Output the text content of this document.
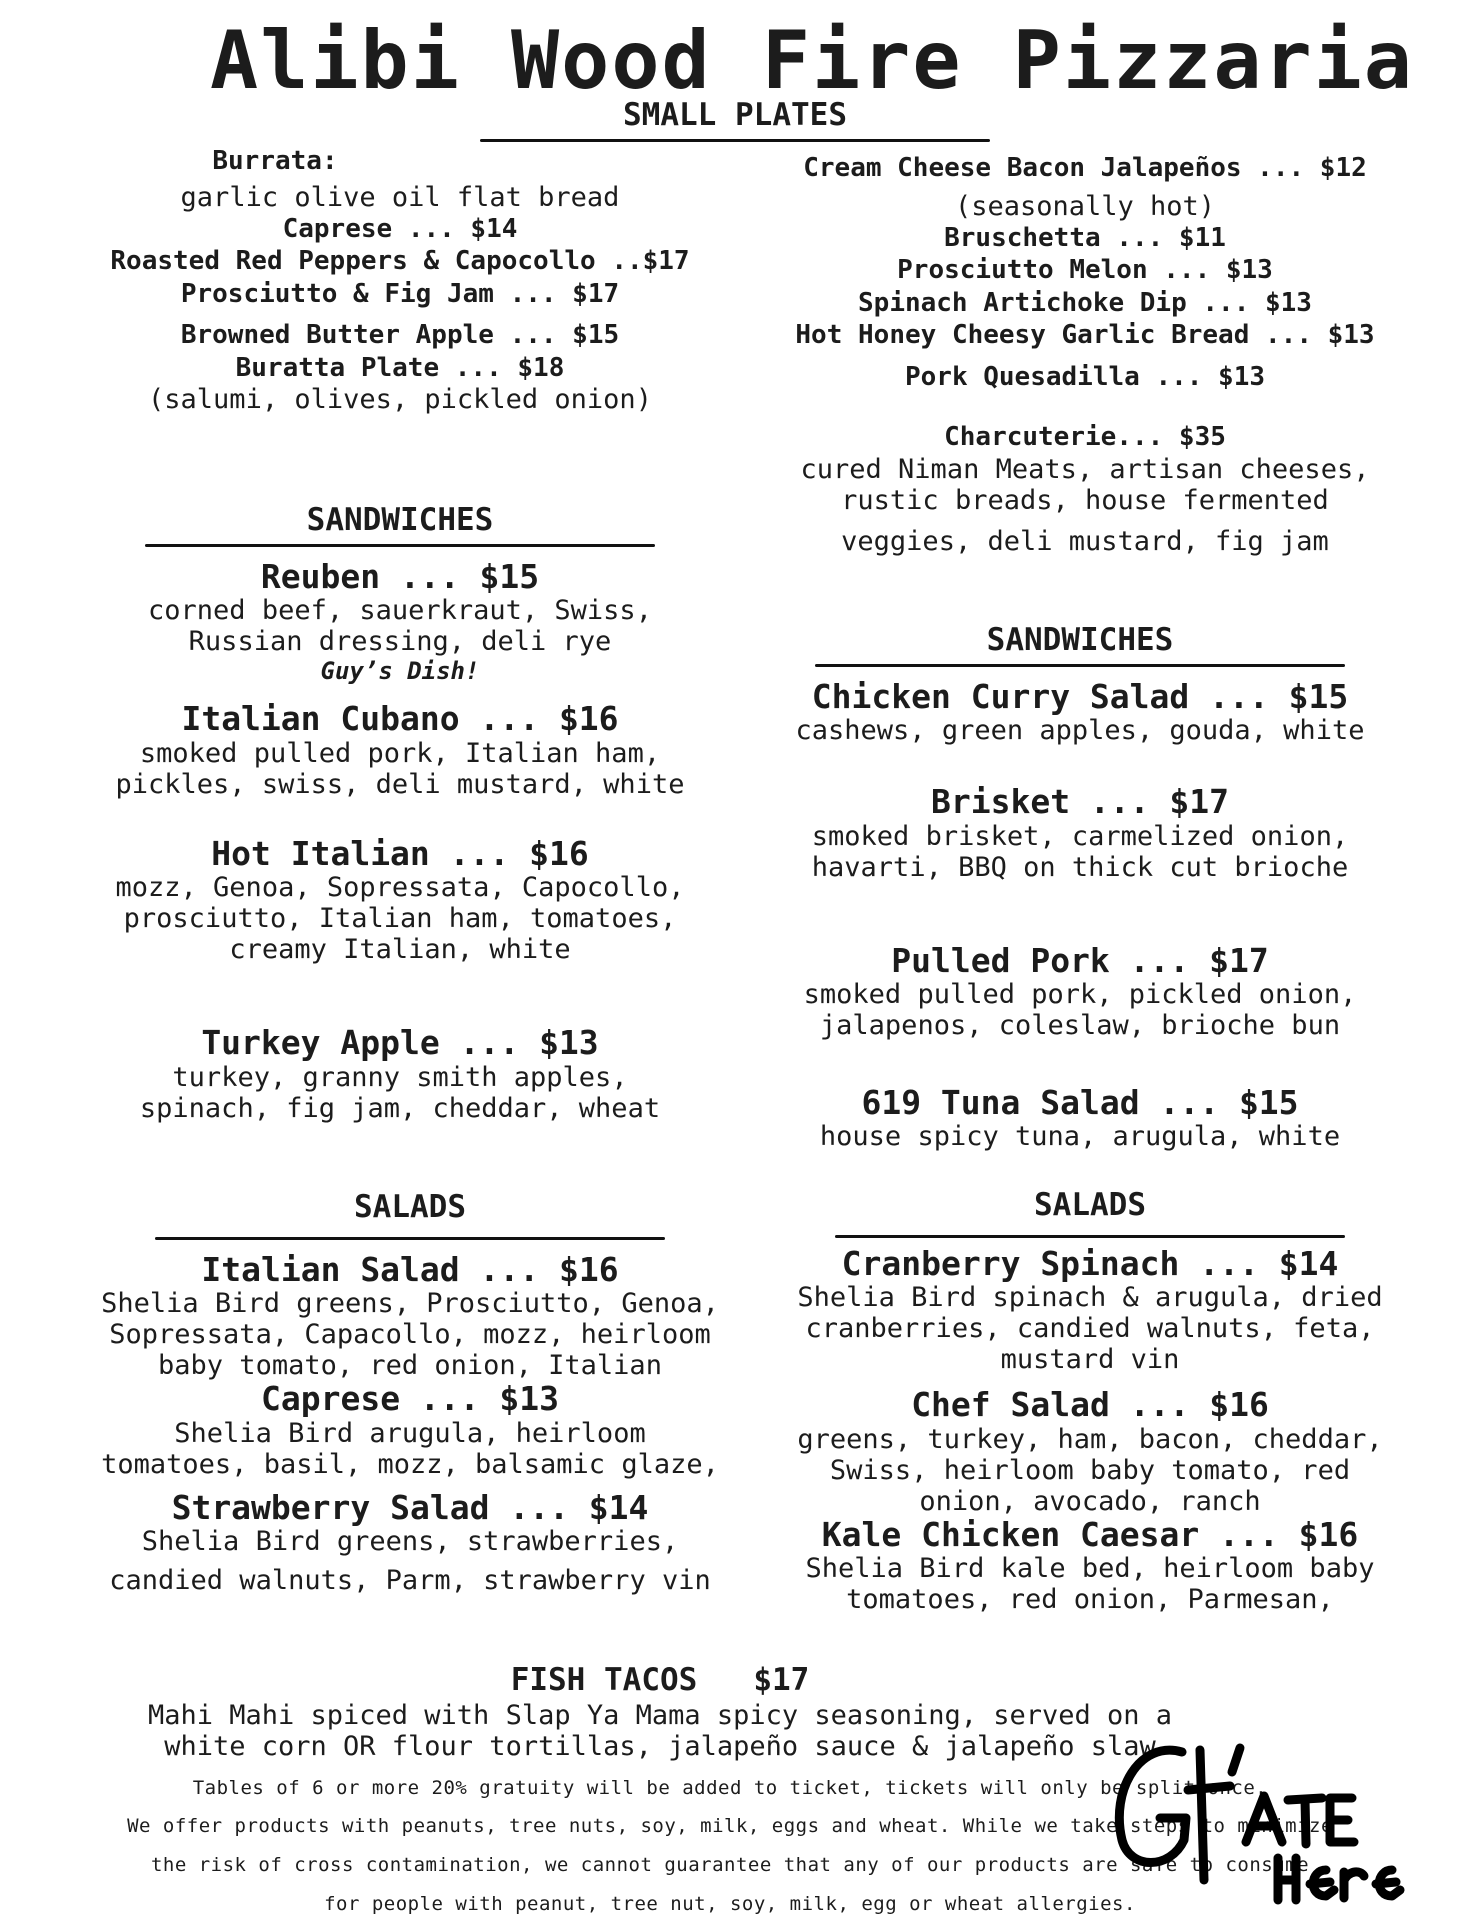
Alibi Wood Fire Pizzaria
SMALL PLATES
Burrata:
garlic olive oil flat bread
Caprese ... $14
Roasted Red Peppers & Capocollo ..$17
Prosciutto & Fig Jam ... $17
Browned Butter Apple ... $15
Buratta Plate ... $18
(salumi, olives, pickled onion)
Cream Cheese Bacon Jalapeños ... $12
(seasonally hot)
Bruschetta ... $11
Prosciutto Melon ... $13
Spinach Artichoke Dip ... $13
Hot Honey Cheesy Garlic Bread ... $13
Pork Quesadilla ... $13
Charcuterie... $35
cured Niman Meats, artisan cheeses,
rustic breads, house fermented
veggies, deli mustard, fig jam
SANDWICHES
Reuben ... $15
corned beef, sauerkraut, Swiss,
Russian dressing, deli rye
Guy’s Dish!
Italian Cubano ... $16
smoked pulled pork, Italian ham,
pickles, swiss, deli mustard, white
Hot Italian ... $16
mozz, Genoa, Sopressata, Capocollo,
prosciutto, Italian ham, tomatoes,
creamy Italian, white
Turkey Apple ... $13
turkey, granny smith apples,
spinach, fig jam, cheddar, wheat
SANDWICHES
Chicken Curry Salad ... $15
cashews, green apples, gouda, white
Brisket ... $17
smoked brisket, carmelized onion,
havarti, BBQ on thick cut brioche
Pulled Pork ... $17
smoked pulled pork, pickled onion,
jalapenos, coleslaw, brioche bun
619 Tuna Salad ... $15
house spicy tuna, arugula, white
SALADS
Italian Salad ... $16
Shelia Bird greens, Prosciutto, Genoa,
Sopressata, Capacollo, mozz, heirloom
baby tomato, red onion, Italian
Caprese ... $13
Shelia Bird arugula, heirloom
tomatoes, basil, mozz, balsamic glaze,
Strawberry Salad ... $14
Shelia Bird greens, strawberries,
candied walnuts, Parm, strawberry vin
SALADS
Cranberry Spinach ... $14
Shelia Bird spinach & arugula, dried
cranberries, candied walnuts, feta,
mustard vin
Chef Salad ... $16
greens, turkey, ham, bacon, cheddar,
Swiss, heirloom baby tomato, red
onion, avocado, ranch
Kale Chicken Caesar ... $16
Shelia Bird kale bed, heirloom baby
tomatoes, red onion, Parmesan,
FISH TACOS   $17
Mahi Mahi spiced with Slap Ya Mama spicy seasoning, served on a
white corn OR flour tortillas, jalapeño sauce & jalapeño slaw
Tables of 6 or more 20% gratuity will be added to ticket, tickets will only be split once.
We offer products with peanuts, tree nuts, soy, milk, eggs and wheat. While we take steps to minimize
the risk of cross contamination, we cannot guarantee that any of our products are safe to consume
for people with peanut, tree nut, soy, milk, egg or wheat allergies.
